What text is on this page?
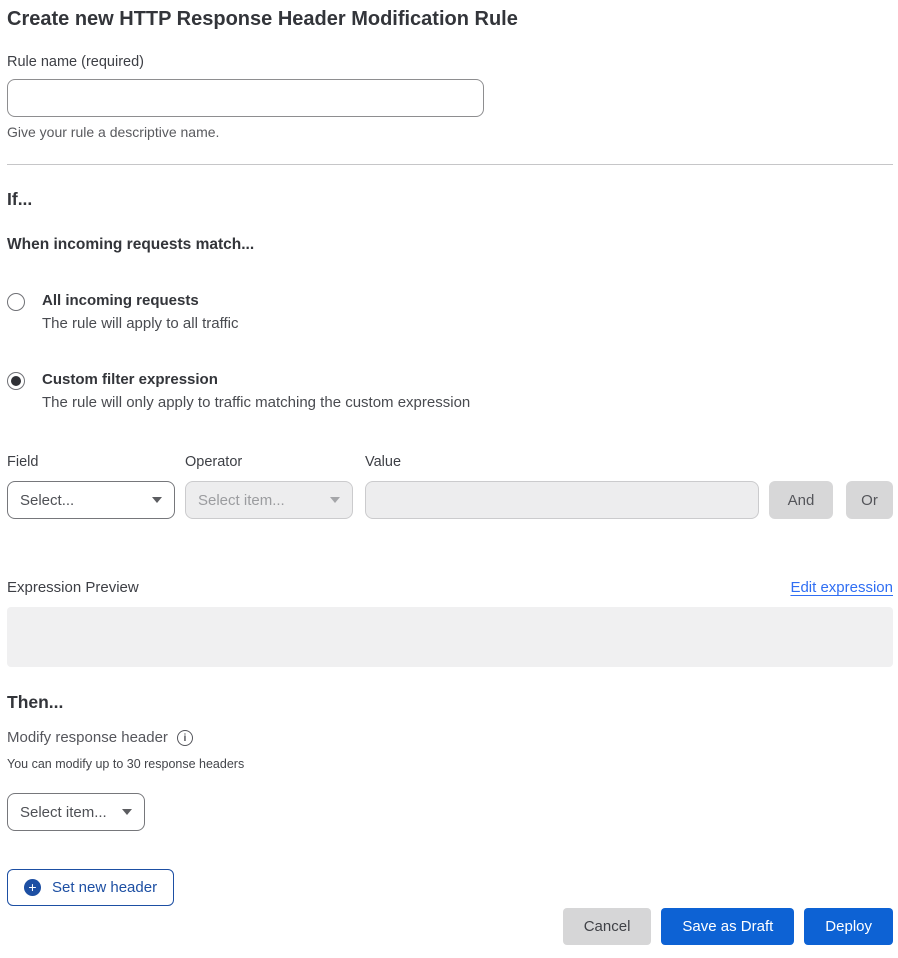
Create new HTTP Response Header Modification Rule
Rule name (required)
Give your rule a descriptive name.
If...
When incoming requests match...
All incoming requests
The rule will apply to all traffic
Custom filter expression
The rule will only apply to traffic matching the custom expression
Field
Select...
Operator
Select item...
Value
And	Or
Expression Preview	Edit expression
Then...
Modify response header
i
You can modify up to 30 response headers
Select item...
+
Set new header
Cancel	Save as Draft	Deploy
